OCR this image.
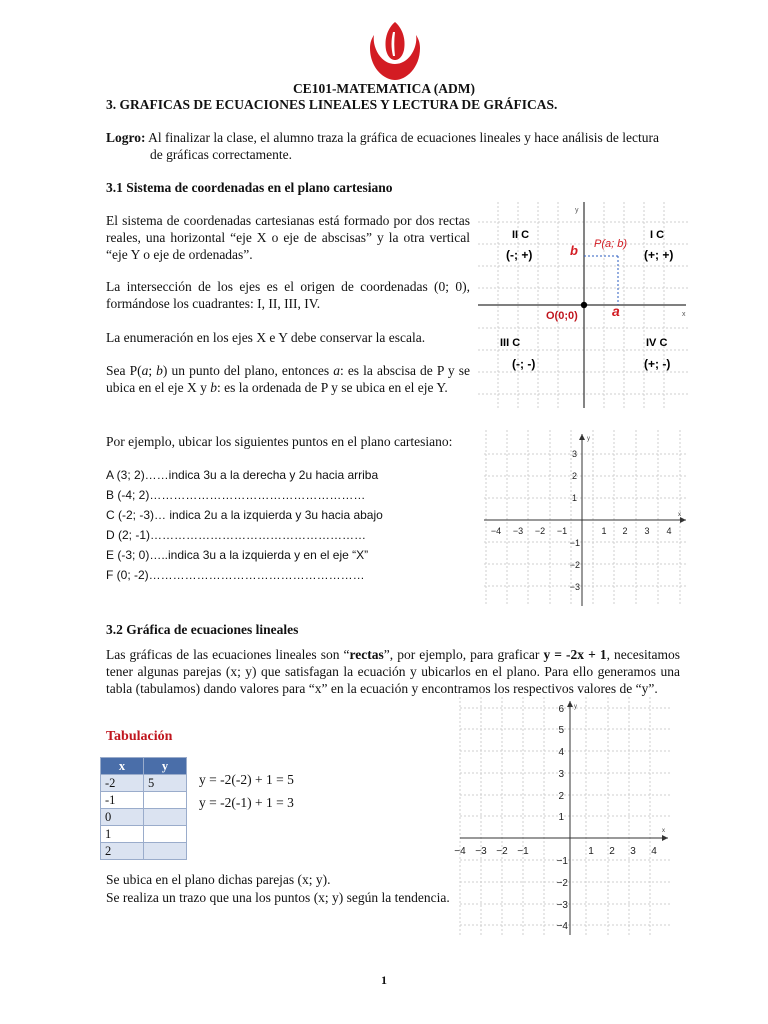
CE101-MATEMATICA (ADM)
3. GRAFICAS DE ECUACIONES LINEALES Y LECTURA DE GRÁFICAS.
Logro: Al finalizar la clase, el alumno traza la gráfica de ecuaciones lineales y hace análisis de lectura
de gráficas correctamente.
3.1 Sistema de coordenadas en el plano cartesiano
El sistema de coordenadas cartesianas está formado por dos rectas reales, una horizontal “eje X o eje de abscisas” y la otra vertical “eje Y o eje de ordenadas”.
La intersección de los ejes es el origen de coordenadas (0; 0), formándose los cuadrantes: I, II, III, IV.
La enumeración en los ejes X e Y debe conservar la escala.
Sea P(a; b) un punto del plano, entonces a: es la abscisa de P y se ubica en el eje X y b: es la ordenada de P y se ubica en el eje Y.
x
y
II C
(-; +)
I C
(+; +)
III C
(-; -)
IV C
(+; -)
P(a; b)
b
a
O(0;0)
Por ejemplo, ubicar los siguientes puntos en el plano cartesiano:
A (3; 2)……indica 3u a la derecha y 2u hacia arriba
B (-4; 2)………………………………………………
C (-2; -3)… indica 2u a la izquierda y 3u hacia abajo
D (2; -1)………………………………………………
E (-3; 0)…..indica 3u a la izquierda y en el eje “X”
F (0; -2)………………………………………………
x
y
−4 −3 −2 −1	1 2 3 4
3
2
1
−1
−2
−3
3.2 Gráfica de ecuaciones lineales
Las gráficas de las ecuaciones lineales son “rectas”, por ejemplo, para graficar y = -2x + 1, necesitamos tener algunas parejas (x; y) que satisfagan la ecuación y ubicarlos en el plano. Para ello generamos una tabla (tabulamos) dando valores para “x” en la ecuación y encontramos los respectivos valores de “y”.
Tabulación
x	y
-2	5
-1	
0	
1	
2	
y = -2(-2) + 1 = 5
y = -2(-1) + 1 = 3
Se ubica en el plano dichas parejas (x; y).
Se realiza un trazo que una los puntos (x; y) según la tendencia.
x
y
−4 −3 −2 −1	1 2 3 4
6
5
4
3
2
1
−1
−2
−3
−4
1
